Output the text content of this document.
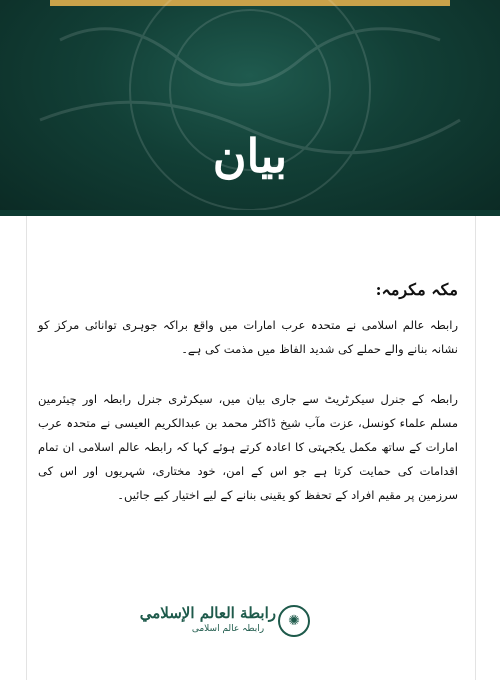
بیان
مکہ مکرمہ:

رابطہ عالم اسلامی نے متحدہ عرب امارات میں واقع براکہ جوہری توانائی مرکز کو نشانہ بنانے والے حملے کی شدید الفاظ میں مذمت کی ہے۔

رابطہ کے جنرل سیکرٹریٹ سے جاری بیان میں، سیکرٹری جنرل رابطہ اور چیئرمین مسلم علماء کونسل، عزت مآب شیخ ڈاکٹر محمد بن عبدالکریم العیسی نے متحدہ عرب امارات کے ساتھ مکمل یکجہتی کا اعادہ کرتے ہوئے کہا کہ رابطہ عالم اسلامی ان تمام اقدامات کی حمایت کرتا ہے جو اس کے امن، خود مختاری، شہریوں اور اس کی سرزمین پر مقیم افراد کے تحفظ کو یقینی بنانے کے لیے اختیار کیے جائیں۔

✺
رابطة العالم الإسلامي
رابطہ عالم اسلامی
